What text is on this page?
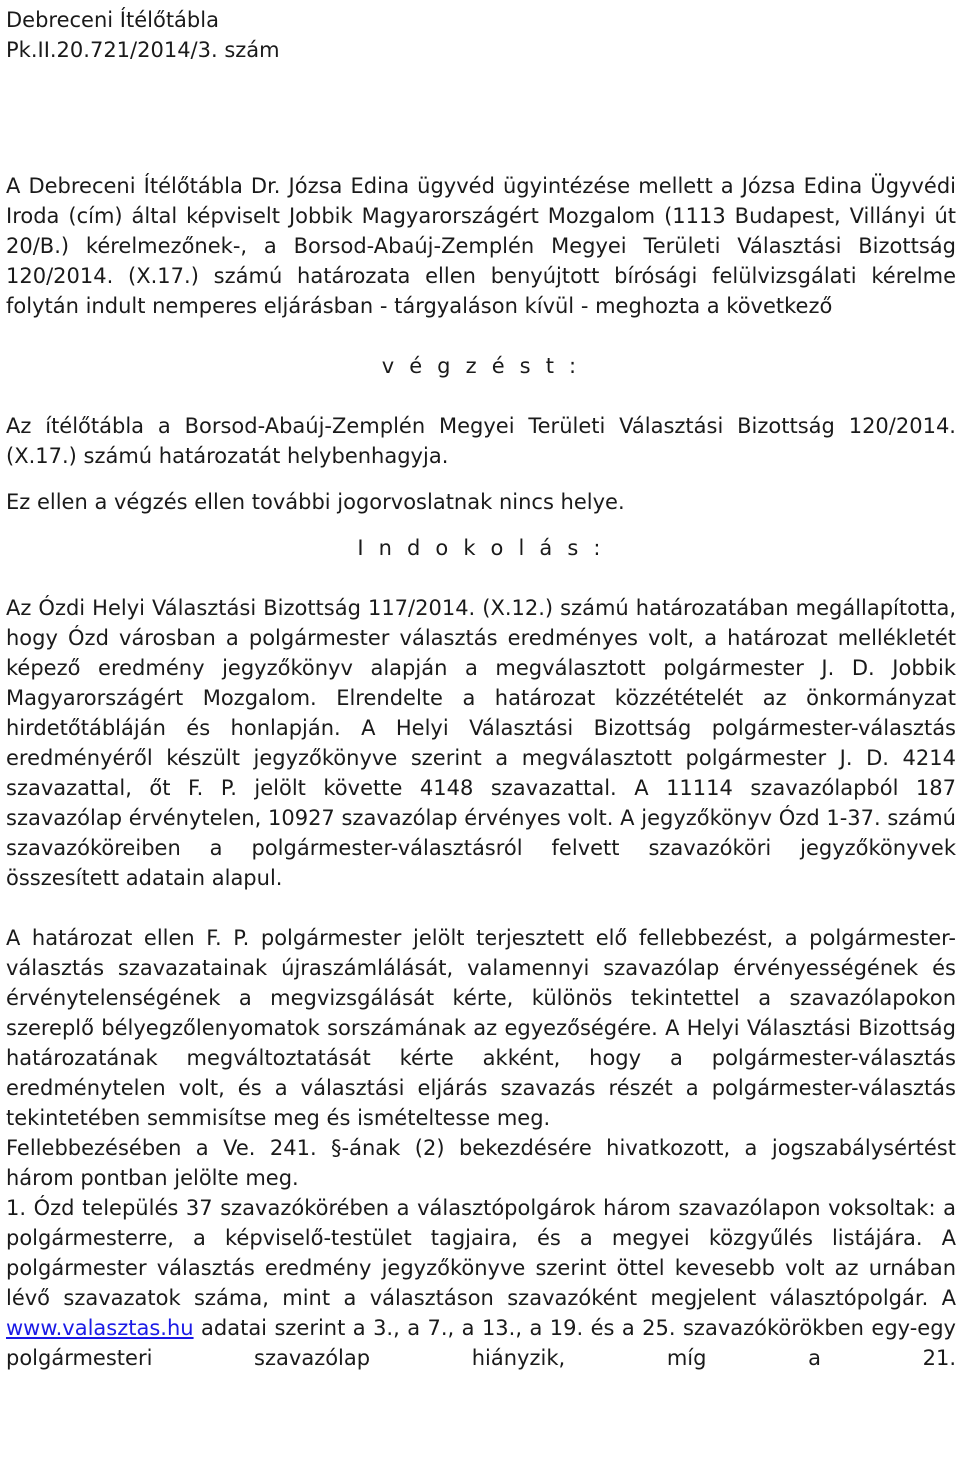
Debreceni Ítélőtábla

Pk.II.20.721/2014/3. szám

A Debreceni Ítélőtábla Dr. Józsa Edina ügyvéd ügyintézése mellett a Józsa Edina Ügyvédi Iroda (cím) által képviselt Jobbik Magyarországért Mozgalom (1113 Budapest, Villányi út 20/B.) kérelmezőnek-, a Borsod-Abaúj-Zemplén Megyei Területi Választási Bizottság 120/2014. (X.17.) számú határozata ellen benyújtott bírósági felülvizsgálati kérelme folytán indult nemperes eljárásban - tárgyaláson kívül - meghozta a következő

v é g z é s t :

Az ítélőtábla a Borsod-Abaúj-Zemplén Megyei Területi Választási Bizottság 120/2014. (X.17.) számú határozatát helybenhagyja.

Ez ellen a végzés ellen további jogorvoslatnak nincs helye.

I n d o k o l á s :

Az Ózdi Helyi Választási Bizottság 117/2014. (X.12.) számú határozatában megállapította, hogy Ózd városban a polgármester választás eredményes volt, a határozat mellékletét képező eredmény jegyzőkönyv alapján a megválasztott polgármester J. D. Jobbik Magyarországért Mozgalom. Elrendelte a határozat közzétételét az önkormányzat hirdetőtábláján és honlapján. A Helyi Választási Bizottság polgármester-választás eredményéről készült jegyzőkönyve szerint a megválasztott polgármester J. D. 4214 szavazattal, őt F. P. jelölt követte 4148 szavazattal. A 11114 szavazólapból 187 szavazólap érvénytelen, 10927 szavazólap érvényes volt. A jegyzőkönyv Ózd 1-37. számú szavazóköreiben a polgármester-választásról felvett szavazóköri jegyzőkönyvek összesített adatain alapul.

A határozat ellen F. P. polgármester jelölt terjesztett elő fellebbezést, a polgármester-választás szavazatainak újraszámlálását, valamennyi szavazólap érvényességének és érvénytelenségének a megvizsgálását kérte, különös tekintettel a szavazólapokon szereplő bélyegzőlenyomatok sorszámának az egyezőségére. A Helyi Választási Bizottság határozatának megváltoztatását kérte akként, hogy a polgármester-választás eredménytelen volt, és a választási eljárás szavazás részét a polgármester-választás tekintetében semmisítse meg és ismételtesse meg.

Fellebbezésében a Ve. 241. §-ának (2) bekezdésére hivatkozott, a jogszabálysértést három pontban jelölte meg.

1. Ózd település 37 szavazókörében a választópolgárok három szavazólapon voksoltak: a polgármesterre, a képviselő-testület tagjaira, és a megyei közgyűlés listájára. A polgármester választás eredmény jegyzőkönyve szerint öttel kevesebb volt az urnában lévő szavazatok száma, mint a választáson szavazóként megjelent választópolgár. A www.valasztas.hu adatai szerint a 3., a 7., a 13., a 19. és a 25. szavazókörökben egy-egy polgármesteri szavazólap hiányzik, míg a 21.
